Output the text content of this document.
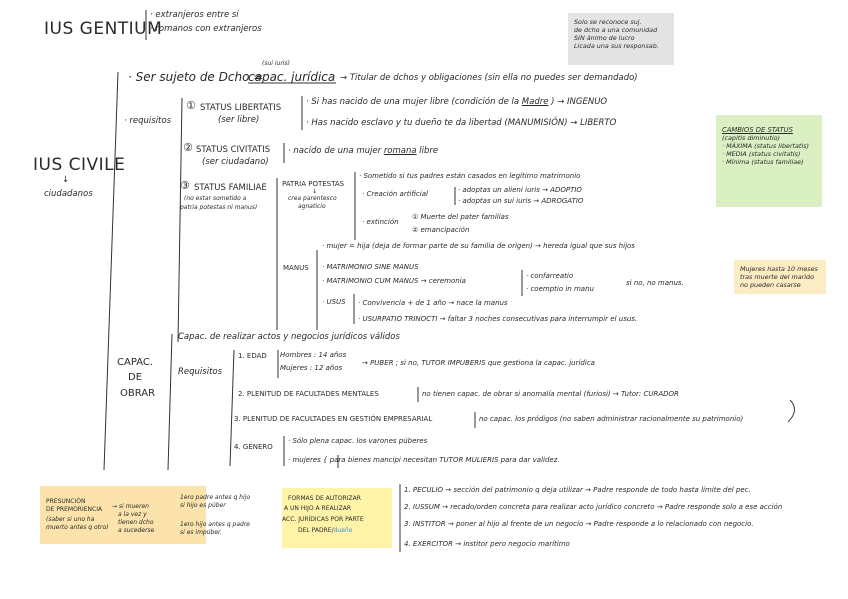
IUS GENTIUM
· extranjeros entre sí
· romanos con extranjeros
Solo se reconoce suj.
de dcho a una comunidad
SIN ánimo de lucro
Licada una sus responsab.
IUS CIVILE
↓
ciudadanos
· Ser sujeto de Dcho =
(sui iuris)
capac. jurídica → Titular de dchos y obligaciones (sin ella no puedes ser demandado)
· requisitos
① STATUS LIBERTATIS
(ser libre)
· Si has nacido de una mujer libre (condición de la Madre ) → INGENUO
· Has nacido esclavo y tu dueño te da libertad (MANUMISIÓN) → LIBERTO
② STATUS CIVITATIS
(ser ciudadano)
· nacido de una mujer romana libre
③ STATUS FAMILIAE
(no estar sometido a
patria potestas ni manus)
PATRIA POTESTAS
↓
crea parentesco
agnaticio
· Sometido si tus padres están casados en legítimo matrimonio
· Creación artificial	· adoptas un alieni iuris → ADOPTIO
· adoptas un sui iuris → ADROGATIO
· extinción
① Muerte del pater familias
② emancipación
MANUS
· mujer = hija (deja de formar parte de su familia de origen) → hereda igual que sus hijos
· MATRIMONIO SINE MANUS
· MATRIMONIO CUM MANUS → ceremonia
· confarreatio
· coemptio in manu
si no, no manus.
· USUS · Convivencia + de 1 año → nace la manus
· USURPATIO TRINOCTI → faltar 3 noches consecutivas para interrumpir el usus.
CAMBIOS DE STATUS
(capitis diminutio)
· MÁXIMA (status libertatis)
· MEDIA (status civitatis)
· Mínima (status familiae)
Mujeres hasta 10 meses
tras muerte del marido
no pueden casarse
CAPAC.
DE
OBRAR
Capac. de realizar actos y negocios jurídicos válidos
Requisitos
1. EDAD Hombres : 14 años
Mujeres : 12 años
→ PUBER ; si no, TUTOR IMPUBERIS que gestiona la capac. jurídica
2. PLENITUD DE FACULTADES MENTALES	no tienen capac. de obrar si anomalía mental (furiosi) → Tutor: CURADOR
3. PLENITUD DE FACULTADES EN GESTIÓN EMPRESARIAL	no capac. los pródigos (no saben administrar racionalmente su patrimonio)
4. GÉNERO
· Sólo plena capac. los varones púberes
· mujeres { para bienes mancipi necesitan TUTOR MULIERIS para dar validez.
PRESUNCIÓN
DE PREMORIENCIA
(saber si uno ha
muerto antes q otro)
→ si mueren
a la vez y
tienen dcho
a sucederse
1ero padre antes q hijo
si hijo es púber
1ero hijo antes q padre
si es impúber.
FORMAS DE AUTORIZAR
A UN HIJO A REALIZAR
ACC. JURÍDICAS POR PARTE
DEL PADRE/dueño
1. PECULIO → sección del patrimonio q deja utilizar → Padre responde de todo hasta límite del pec.
2. IUSSUM → recado/orden concreta para realizar acto jurídico concreto → Padre responde solo a ese acción
3. INSTITOR → poner al hijo al frente de un negocio → Padre responde a lo relacionado con negocio.
4. EXERCITOR → institor pero negocio marítimo
